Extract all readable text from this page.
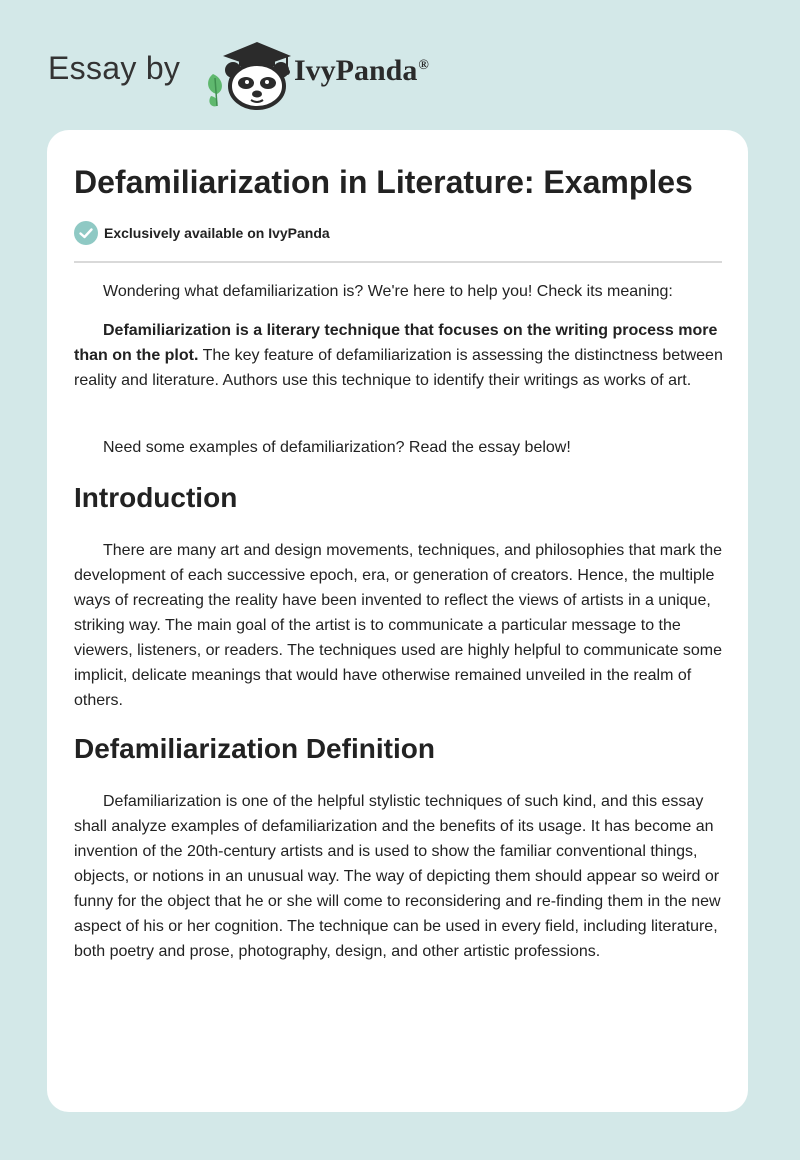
Essay by	IvyPanda®
Defamiliarization in Literature: Examples
Exclusively available on IvyPanda

Wondering what defamiliarization is? We're here to help you! Check its meaning:

Defamiliarization is a literary technique that focuses on the writing process more than on the plot. The key feature of defamiliarization is assessing the distinctness between reality and literature. Authors use this technique to identify their writings as works of art.

Need some examples of defamiliarization? Read the essay below!

Introduction

There are many art and design movements, techniques, and philosophies that mark the development of each successive epoch, era, or generation of creators. Hence, the multiple ways of recreating the reality have been invented to reflect the views of artists in a unique, striking way. The main goal of the artist is to communicate a particular message to the viewers, listeners, or readers. The techniques used are highly helpful to communicate some implicit, delicate meanings that would have otherwise remained unveiled in the realm of others.

Defamiliarization Definition

Defamiliarization is one of the helpful stylistic techniques of such kind, and this essay shall analyze examples of defamiliarization and the benefits of its usage. It has become an invention of the 20th-century artists and is used to show the familiar conventional things, objects, or notions in an unusual way. The way of depicting them should appear so weird or funny for the object that he or she will come to reconsidering and re-finding them in the new aspect of his or her cognition. The technique can be used in every field, including literature, both poetry and prose, photography, design, and other artistic professions.
